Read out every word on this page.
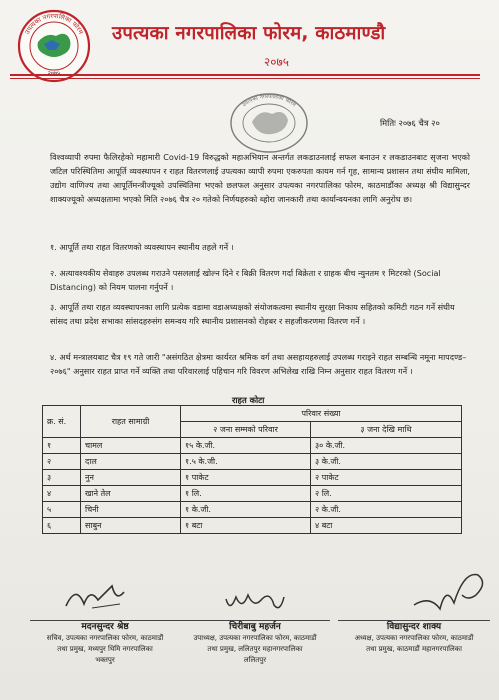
उपत्यका नगरपालिका फोरम उपत्यका नगरपालिका फोरम, काठमाण्डौ
२०७५
उपत्यका नगरपालिका फोरम
मितिः २०७६ चैत्र २०
विश्वव्यापी रुपमा फैलिरहेको महामारी Covid-19 विरुद्धको महाअभियान अन्तर्गत लकडाउनलाई सफल बनाउन र लकडाउनबाट सृजना भएको जटिल परिस्थितिमा आपूर्ति व्यवस्थापन र राहत वितरणलाई उपत्यका व्यापी रुपमा एकरुपता कायम गर्न गृह, सामान्य प्रशासन तथा संघीय मामिला, उद्योग वाणिज्य तथा आपूर्तिमन्त्रीज्यूको उपस्थितिमा भएको छलफल अनुसार उपत्यका नगरपालिका फोरम, काठमाडौंका अध्यक्ष श्री विद्यासुन्दर शाक्यज्यूको अध्यक्षतामा भएको मिति २०७६ चैत्र २० गतेको निर्णयहरुको ब्होरा जानकारी तथा कार्यान्वयनका लागि अनुरोध छ।
१. आपूर्ति तथा राहत वितरणको व्यवस्थापन स्थानीय तहले गर्ने ।
२. अत्यावश्यकीय सेवाहरु उपलब्ध गराउने पसललाई खोल्न दिने र बिक्री वितरण गर्दा बिक्रेता र ग्राहक बीच न्युनतम १ मिटरको (Social Distancing) को नियम पालना गर्नुपर्ने ।
३. आपूर्ति तथा राहत व्यवस्थापनका लागि प्रत्येक वडामा वडाअध्यक्षको संयोजकत्वमा स्थानीय सुरक्षा निकाय सहितको कमिटी गठन गर्ने संघीय सांसद तथा प्रदेश सभाका सांसदहरुसंग समन्वय गरि स्थानीय प्रशासनको रोहबर र सहजीकरणमा वितरण गर्ने ।
४. अर्थ मन्त्रालयबाट चैत्र १९ गते जारी "असंगठित क्षेत्रमा कार्यरत श्रमिक वर्ग तथा असहायहरुलाई उपलब्ध गराइने राहत सम्बन्धि नमूना मापदण्ड–२०७६" अनुसार राहत प्राप्त गर्ने व्यक्ति तथा परिवारलाई पहिचान गरि विवरण अभिलेख राखि निम्न अनुसार राहत वितरण गर्ने ।
राहत कोटा
क्र. सं.	राहत सामाग्री	परिवार संख्या	
		२ जना सम्मको परिवार	३ जना देखि माथि
१	चामल	१५ के.जी.	३० के.जी.
२	दाल	१.५ के.जी.	३ के.जी.
३	नुन	१ पाकेट	२ पाकेट
४	खाने तेल	१ लि.	२ लि.
५	चिनी	१ के.जी.	२ के.जी.
६	साबुन	१ बटा	४ बटा
मदनसुन्दर श्रेष्ठ
सचिव, उपत्यका नगरपालिका फोरम, काठमाडौं
तथा प्रमुख, मध्यपुर थिमि नगरपालिका
भक्तपुर
चिरीबाबु महर्जन
उपाध्यक्ष, उपत्यका नगरपालिका फोरम, काठमाडौं
तथा प्रमुख, ललितपुर महानगरपालिका
ललितपुर
विद्यासुन्दर शाक्य
अध्यक्ष, उपत्यका नगरपालिका फोरम, काठमाडौं
तथा प्रमुख, काठमाडौं महानगरपालिका
